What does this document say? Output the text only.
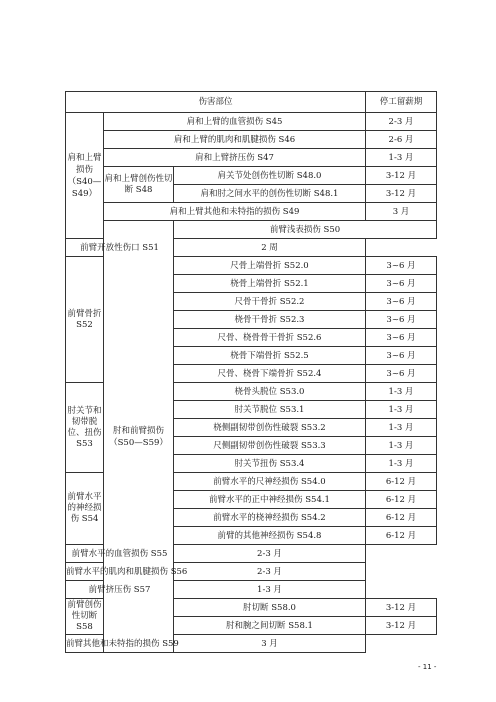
伤害部位			停工留薪期	
肩和上臂损伤（S40—S49）	肩和上臂的血管损伤 S45		2-3 月	
	肩和上臂的肌肉和肌腱损伤 S46		2-6 月	
	肩和上臂挤压伤 S47		1-3 月	
	肩和上臂创伤性切断 S48	肩关节处创伤性切断 S48.0	3-12 月	
		肩和肘之间水平的创伤性切断 S48.1	3-12 月	
	肩和上臂其他和未特指的损伤 S49		3 月	
	肘和前臂损伤（S50—S59）	前臂浅表损伤 S50	
前臂开放性伤口 S51		2 周		
前臂骨折 S52		尺骨上端骨折 S52.0	3~6 月	
		桡骨上端骨折 S52.1	3~6 月	
		尺骨干骨折 S52.2	3~6 月	
		桡骨干骨折 S52.3	3~6 月	
		尺骨、桡骨骨干骨折 S52.6	3~6 月	
		桡骨下端骨折 S52.5	3~6 月	
		尺骨、桡骨下端骨折 S52.4	3~6 月	
肘关节和韧带脱位、扭伤 S53		桡骨头脱位 S53.0	1-3 月	
		肘关节脱位 S53.1	1-3 月	
		桡侧副韧带创伤性破裂 S53.2	1-3 月	
		尺侧副韧带创伤性破裂 S53.3	1-3 月	
		肘关节扭伤 S53.4	1-3 月	
前臂水平的神经损伤 S54		前臂水平的尺神经损伤 S54.0	6-12 月	
		前臂水平的正中神经损伤 S54.1	6-12 月	
		前臂水平的桡神经损伤 S54.2	6-12 月	
		前臂的其他神经损伤 S54.8	6-12 月	
前臂水平的血管损伤 S55		2-3 月		
前臂水平的肌肉和肌腱损伤 S56		2-3 月		
前臂挤压伤 S57		1-3 月		
前臂创伤性切断 S58		肘切断 S58.0	3-12 月	
		肘和腕之间切断 S58.1	3-12 月	
前臂其他和未特指的损伤 S59		3 月		
- 11 -
